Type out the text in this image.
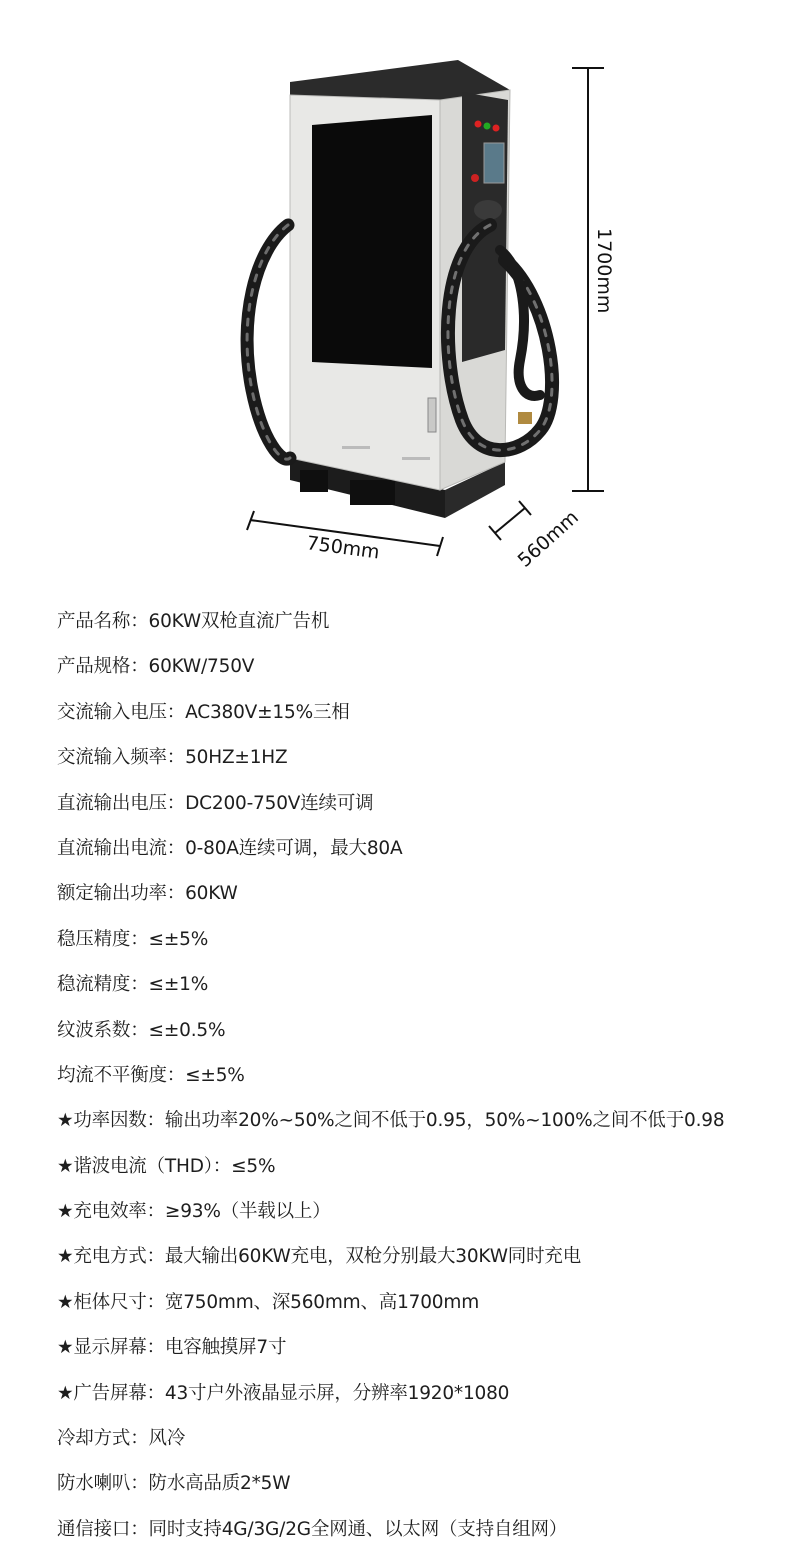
1700mm
750mm	560mm
产品名称：60KW双枪直流广告机
产品规格：60KW/750V
交流输入电压：AC380V±15%三相
交流输入频率：50HZ±1HZ
直流输出电压：DC200-750V连续可调
直流输出电流：0-80A连续可调，最大80A
额定输出功率：60KW
稳压精度：≤±5%
稳流精度：≤±1%
纹波系数：≤±0.5%
均流不平衡度：≤±5%
★功率因数：输出功率20%~50%之间不低于0.95，50%~100%之间不低于0.98
★谐波电流（THD）：≤5%
★充电效率：≥93%（半载以上）
★充电方式：最大输出60KW充电，双枪分别最大30KW同时充电
★柜体尺寸：宽750mm、深560mm、高1700mm
★显示屏幕：电容触摸屏7寸
★广告屏幕：43寸户外液晶显示屏，分辨率1920*1080
冷却方式：风冷
防水喇叭：防水高品质2*5W
通信接口：同时支持4G/3G/2G全网通、以太网（支持自组网）
